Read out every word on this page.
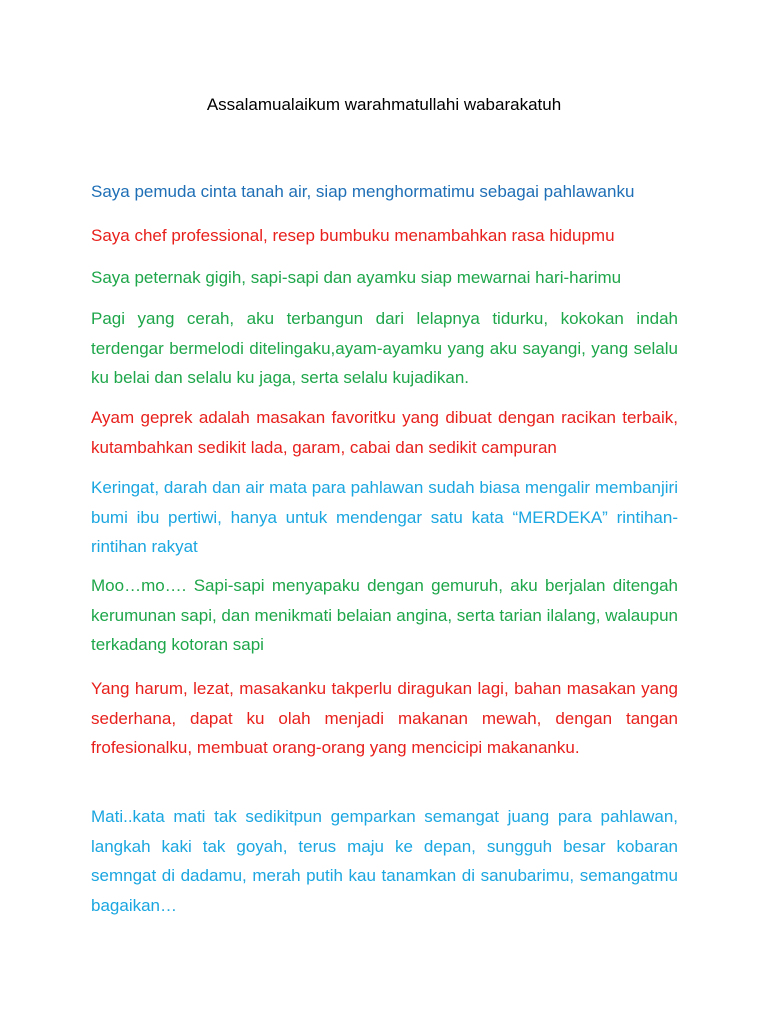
Assalamualaikum warahmatullahi wabarakatuh

Saya pemuda cinta tanah air, siap menghormatimu sebagai pahlawanku

Saya chef professional, resep bumbuku menambahkan rasa hidupmu

Saya peternak gigih, sapi-sapi dan ayamku siap mewarnai hari-harimu

Pagi yang cerah, aku terbangun dari lelapnya tidurku, kokokan indah terdengar bermelodi ditelingaku,ayam-ayamku yang aku sayangi, yang selalu ku belai dan selalu ku jaga, serta selalu kujadikan.

Ayam geprek adalah masakan favoritku yang dibuat dengan racikan terbaik, kutambahkan sedikit lada, garam, cabai dan sedikit campuran

Keringat, darah dan air mata para pahlawan sudah biasa mengalir membanjiri bumi ibu pertiwi, hanya untuk mendengar satu kata “MERDEKA” rintihan-rintihan rakyat

Moo…mo…. Sapi-sapi menyapaku dengan gemuruh, aku berjalan ditengah kerumunan sapi, dan menikmati belaian angina, serta tarian ilalang, walaupun terkadang kotoran sapi

Yang harum, lezat, masakanku takperlu diragukan lagi, bahan masakan yang sederhana, dapat ku olah menjadi makanan mewah, dengan tangan frofesionalku, membuat orang-orang yang mencicipi makananku.

Mati..kata mati tak sedikitpun gemparkan semangat juang para pahlawan, langkah kaki tak goyah, terus maju ke depan, sungguh besar kobaran semngat di dadamu, merah putih kau tanamkan di sanubarimu, semangatmu bagaikan…
